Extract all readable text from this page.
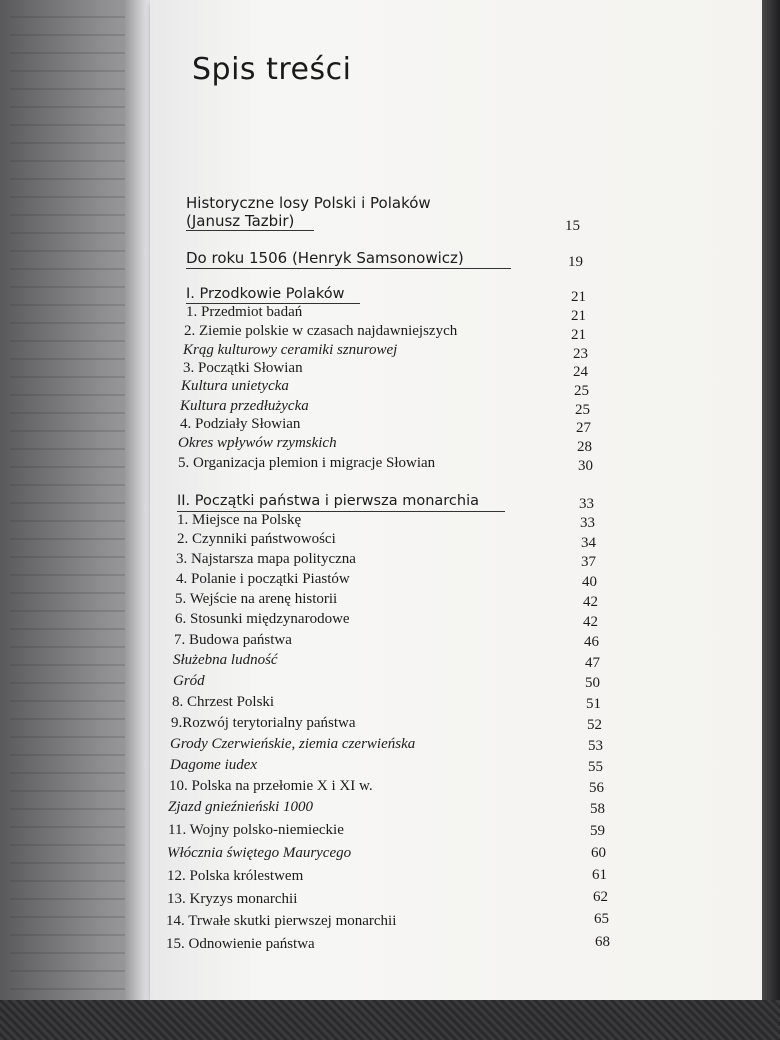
Spis treści
Historyczne losy Polski i Polaków
(Janusz Tazbir)	15
Do roku 1506 (Henryk Samsonowicz)	19
I. Przodkowie Polaków	21
1. Przedmiot badań	21
2. Ziemie polskie w czasach najdawniejszych	21
Krąg kulturowy ceramiki sznurowej	23
3. Początki Słowian	24
Kultura unietycka	25
Kultura przedłużycka	25
4. Podziały Słowian	27
Okres wpływów rzymskich	28
5. Organizacja plemion i migracje Słowian	30
II. Początki państwa i pierwsza monarchia	33
1. Miejsce na Polskę	33
2. Czynniki państwowości	34
3. Najstarsza mapa polityczna	37
4. Polanie i początki Piastów	40
5. Wejście na arenę historii	42
6. Stosunki międzynarodowe	42
7. Budowa państwa	46
Służebna ludność	47
Gród	50
8. Chrzest Polski	51
9.Rozwój terytorialny państwa	52
Grody Czerwieńskie, ziemia czerwieńska	53
Dagome iudex	55
10. Polska na przełomie X i XI w.	56
Zjazd gnieźnieński 1000	58
11. Wojny polsko-niemieckie	59
Włócznia świętego Maurycego	60
12. Polska królestwem	61
13. Kryzys monarchii	62
14. Trwałe skutki pierwszej monarchii	65
15. Odnowienie państwa	68
